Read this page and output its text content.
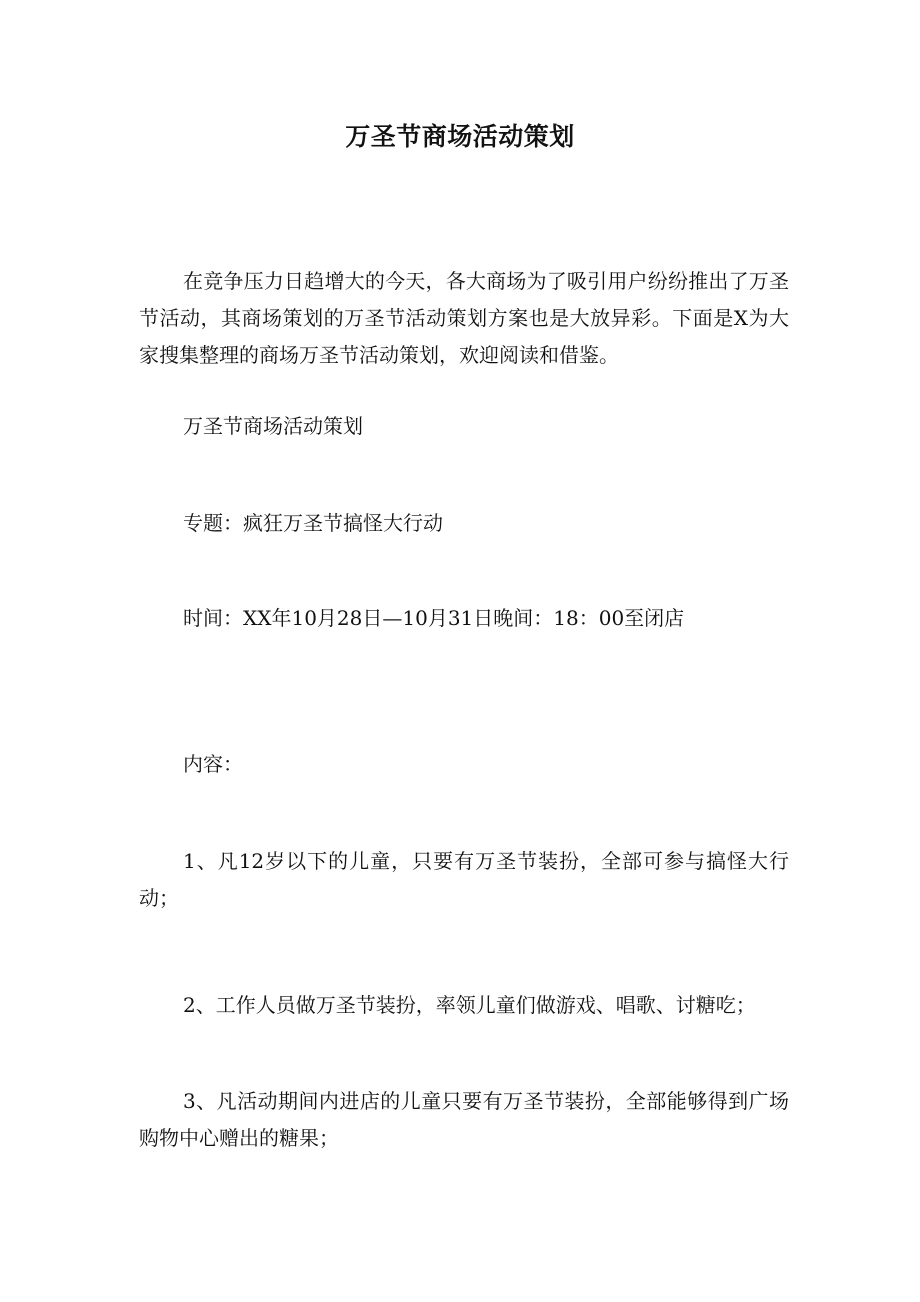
万圣节商场活动策划

在竞争压力日趋增大的今天，各大商场为了吸引用户纷纷推出了万圣节活动，其商场策划的万圣节活动策划方案也是大放异彩。下面是X为大家搜集整理的商场万圣节活动策划，欢迎阅读和借鉴。

万圣节商场活动策划

专题：疯狂万圣节搞怪大行动

时间：XX年10月28日—10月31日晚间：18：00至闭店

内容：

1、凡12岁以下的儿童，只要有万圣节装扮，全部可参与搞怪大行动；

2、工作人员做万圣节装扮，率领儿童们做游戏、唱歌、讨糖吃；

3、凡活动期间内进店的儿童只要有万圣节装扮，全部能够得到广场购物中心赠出的糖果；
